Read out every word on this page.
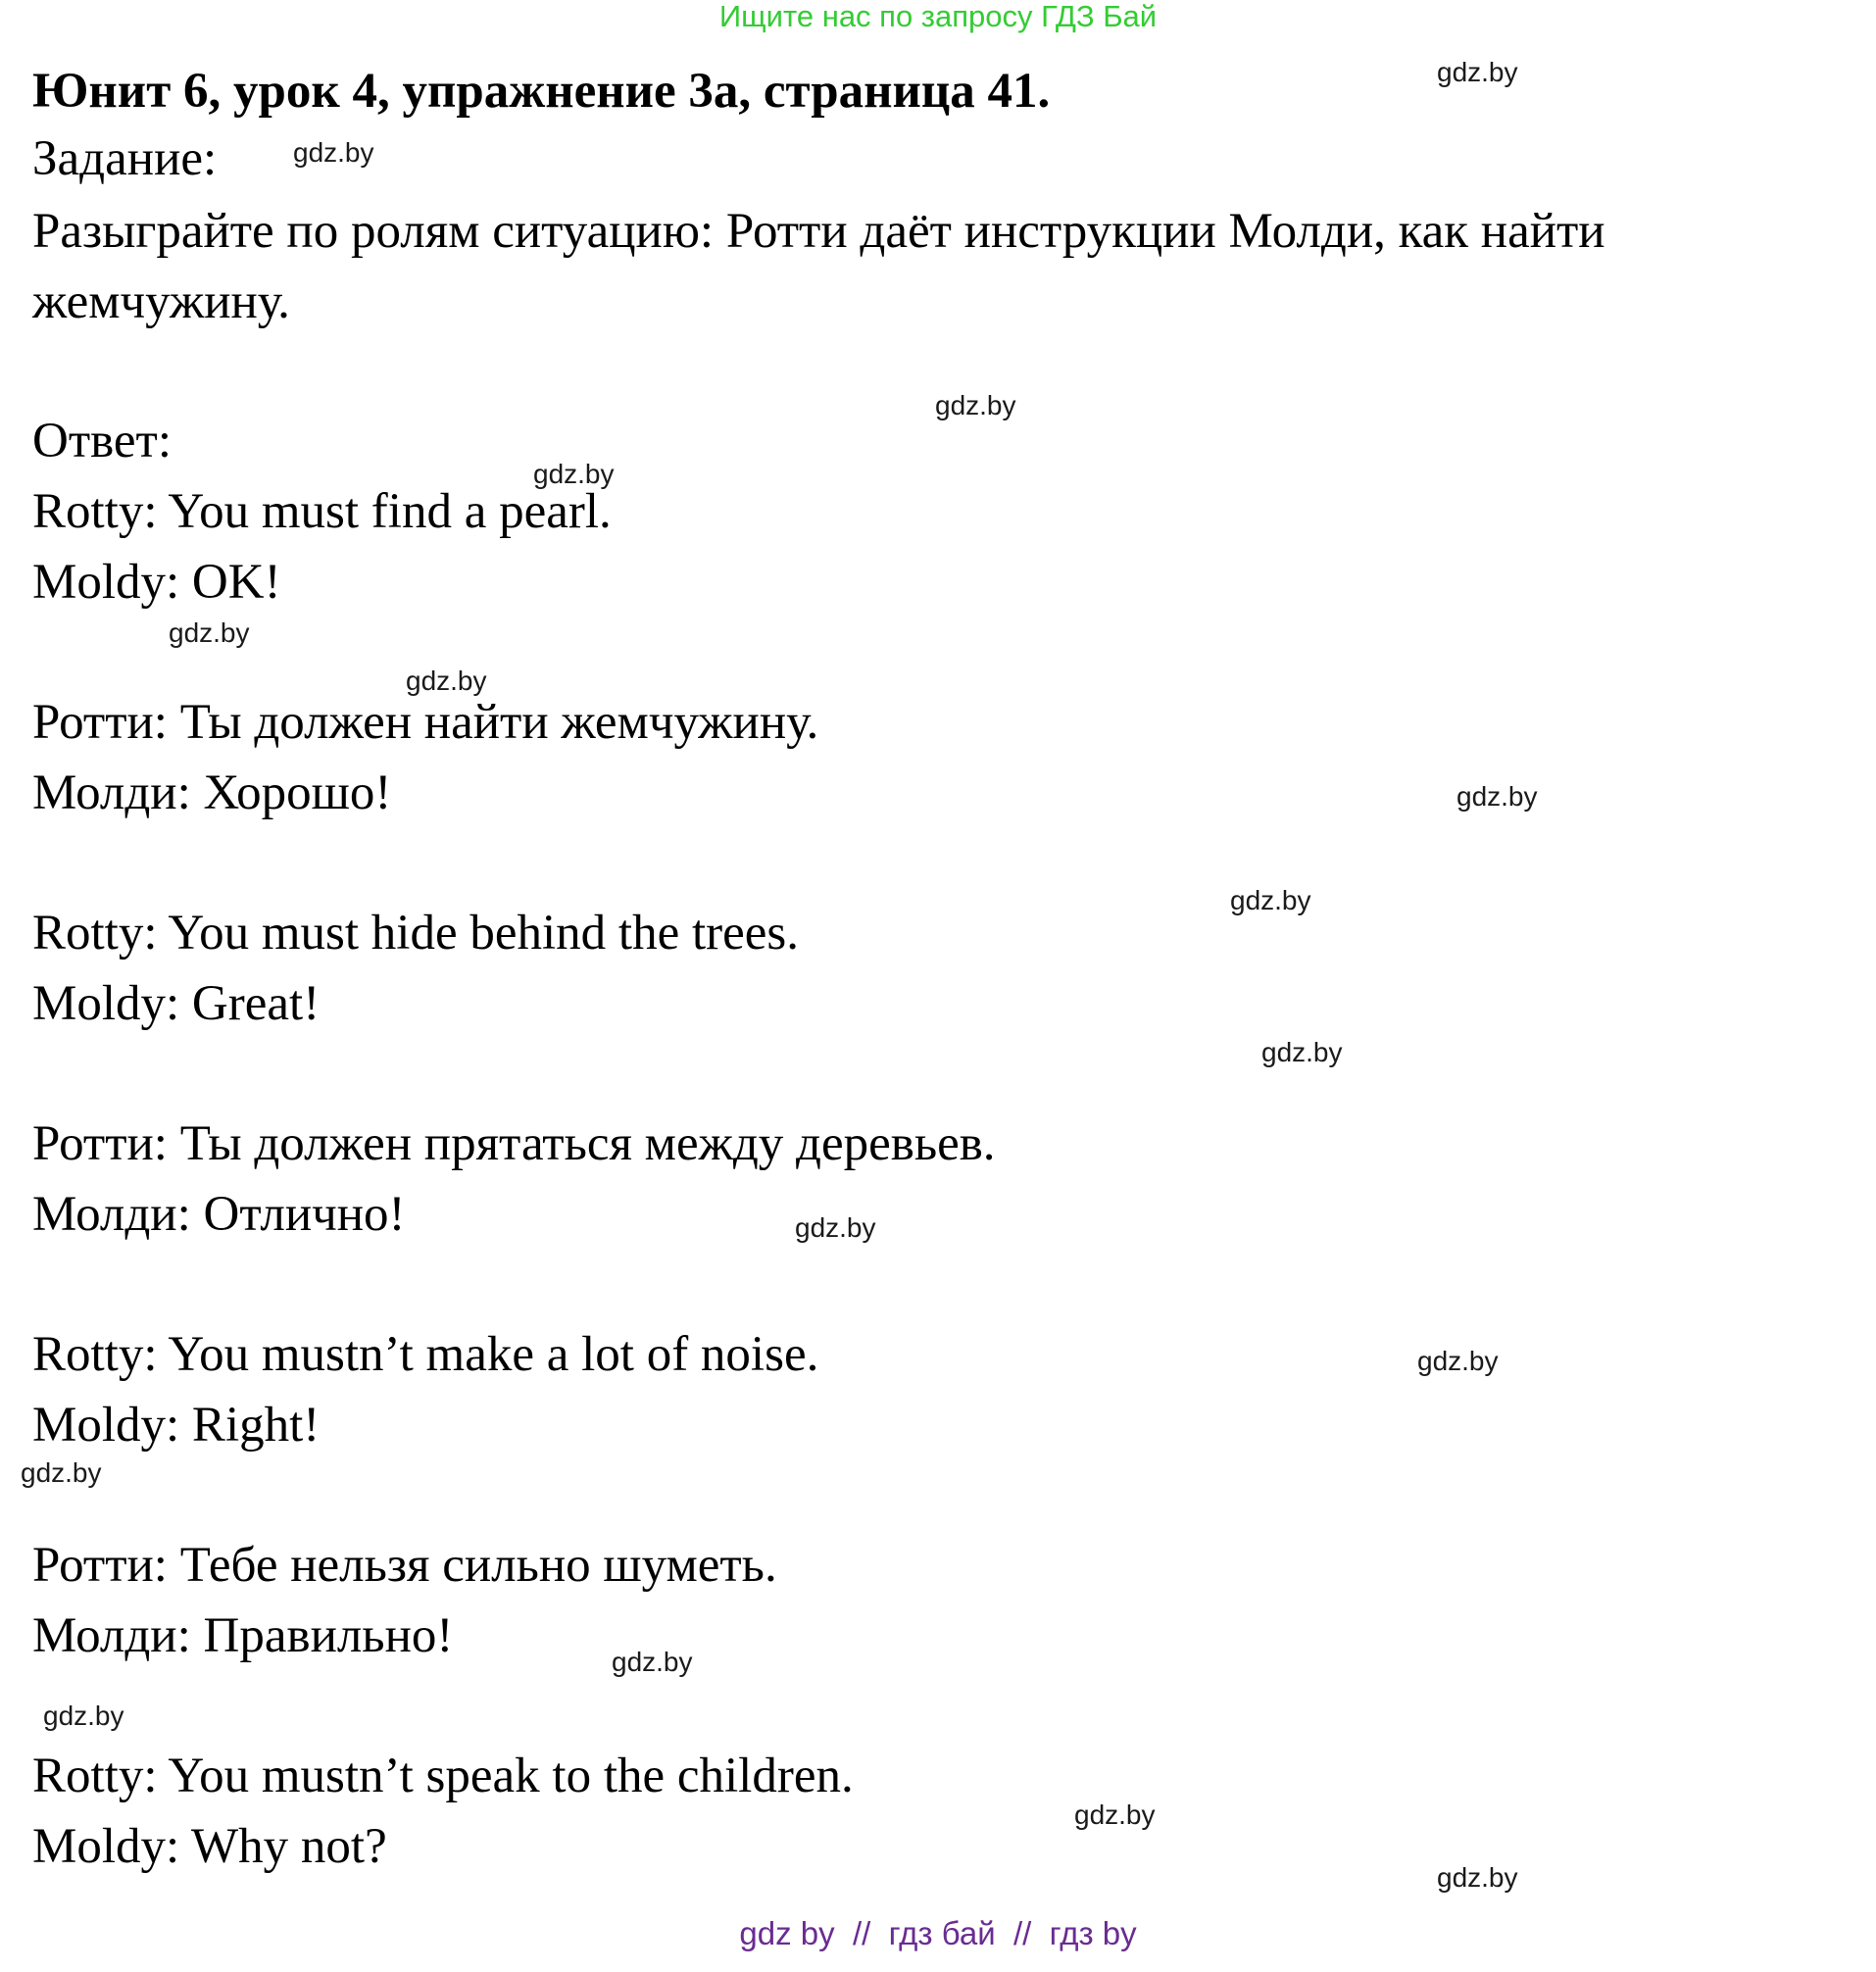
Ищите нас по запросу ГДЗ Бай
Юнит 6, урок 4, упражнение 3а, страница 41.
Задание:
Разыграйте по ролям ситуацию: Ротти даёт инструкции Молди, как найти
жемчужину.
Ответ:
Rotty: You must find a pearl.
Moldy: OK!
Ротти: Ты должен найти жемчужину.
Молди: Хорошо!
Rotty: You must hide behind the trees.
Moldy: Great!
Ротти: Ты должен прятаться между деревьев.
Молди: Отлично!
Rotty: You mustn’t make a lot of noise.
Moldy: Right!
Ротти: Тебе нельзя сильно шуметь.
Молди: Правильно!
Rotty: You mustn’t speak to the children.
Moldy: Why not?
gdz.by
gdz.by
gdz.by
gdz.by
gdz.by
gdz.by
gdz.by
gdz.by
gdz.by
gdz.by
gdz.by
gdz.by
gdz.by
gdz.by
gdz.by
gdz.by
gdz by  //  гдз бай  //  гдз by
